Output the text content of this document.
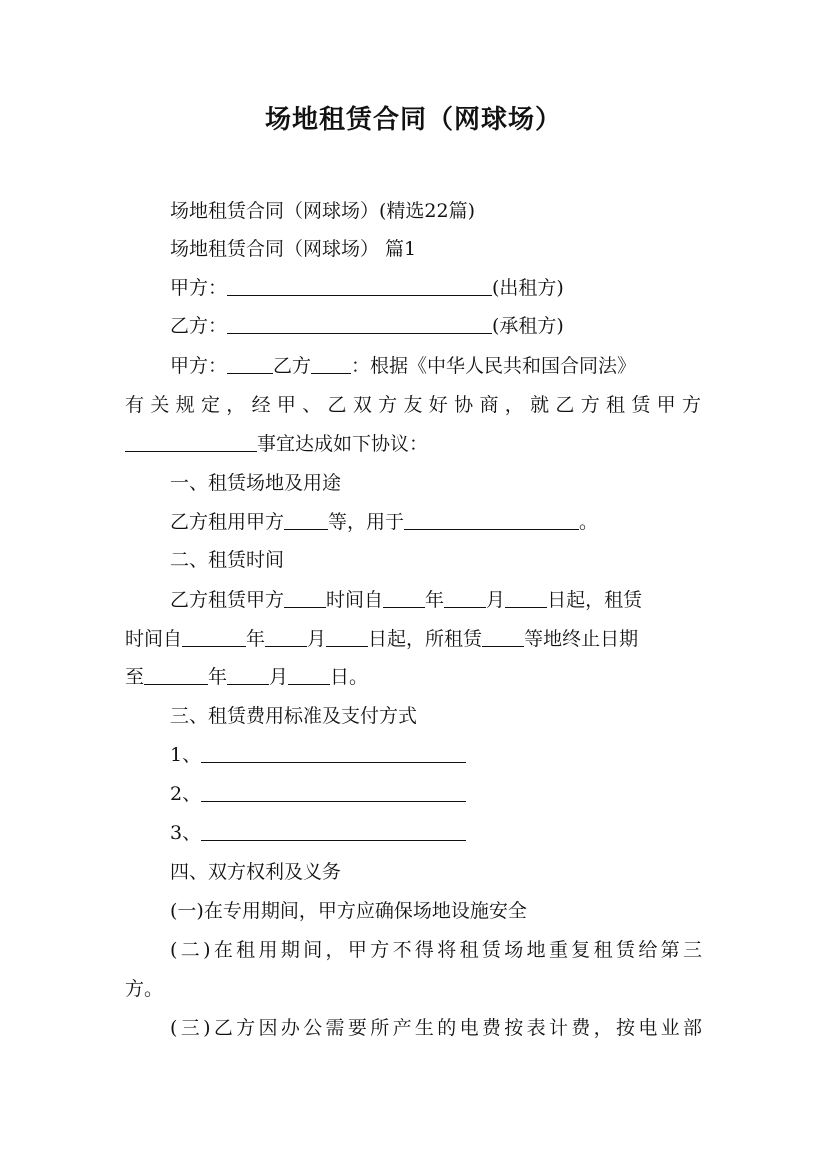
场地租赁合同（网球场）
场地租赁合同（网球场）(精选22篇)
场地租赁合同（网球场） 篇1
甲方：	(出租方)
乙方：	(承租方)
甲方： 乙方 ：根据《中华人民共和国合同法》
有关规定，经甲、乙双方友好协商，就乙方租赁甲方
事宜达成如下协议：
一、租赁场地及用途
乙方租用甲方 等，用于	。
二、租赁时间
乙方租赁甲方 时间自 年 月 日起，租赁
时间自	年 月 日起，所租赁 等地终止日期
至	年 月 日。
三、租赁费用标准及支付方式
1、
2、
3、
四、双方权利及义务
(一)在专用期间，甲方应确保场地设施安全
(二)在租用期间，甲方不得将租赁场地重复租赁给第三
方。
(三)乙方因办公需要所产生的电费按表计费，按电业部
